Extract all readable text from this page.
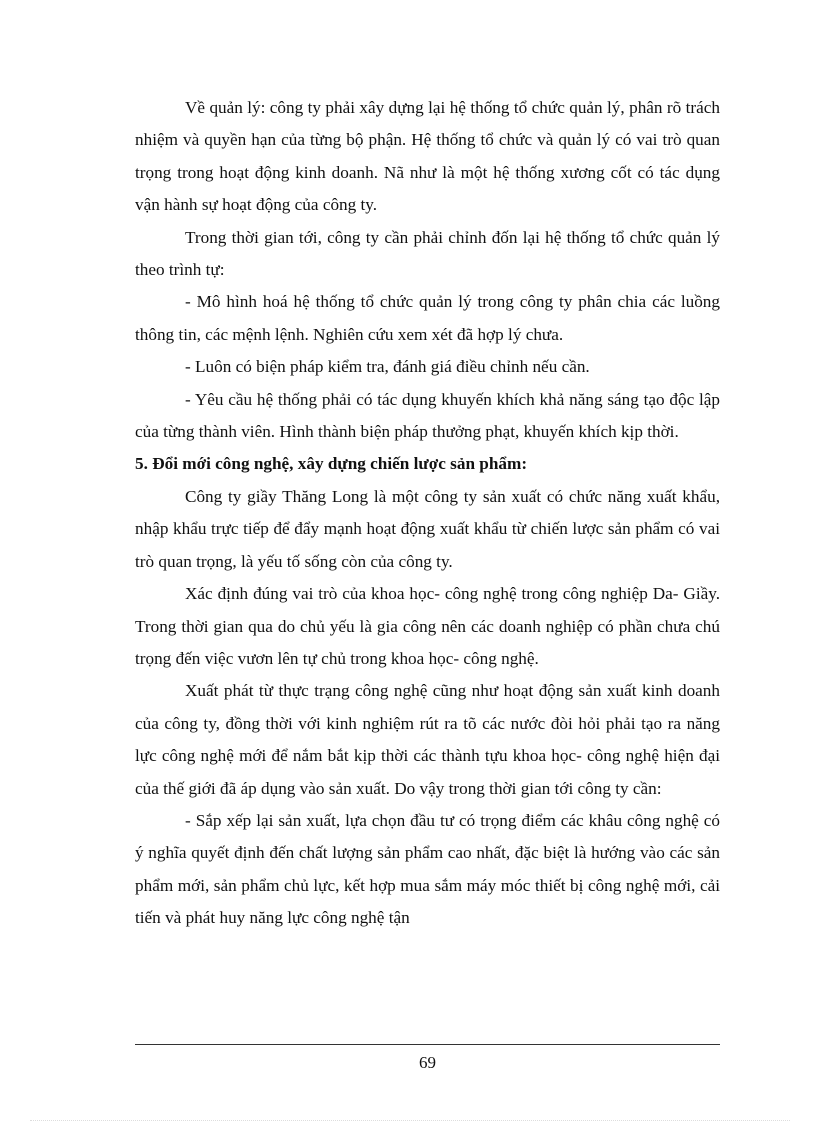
Về quản lý: công ty phải xây dựng lại hệ thống tổ chức quản lý, phân rõ trách nhiệm và quyền hạn của từng bộ phận. Hệ thống tổ chức và quản lý có vai trò quan trọng trong hoạt động kinh doanh. Nã như là một hệ thống xương cốt có tác dụng vận hành sự hoạt động của công ty.

Trong thời gian tới, công ty cần phải chỉnh đốn lại hệ thống tổ chức quản lý theo trình tự:

- Mô hình hoá hệ thống tổ chức quản lý trong công ty phân chia các luồng thông tin, các mệnh lệnh. Nghiên cứu xem xét đã hợp lý chưa.

- Luôn có biện pháp kiểm tra, đánh giá điều chỉnh nếu cần.

- Yêu cầu hệ thống phải có tác dụng khuyến khích khả năng sáng tạo độc lập của từng thành viên. Hình thành biện pháp thưởng phạt, khuyến khích kịp thời.

5. Đổi mới công nghệ, xây dựng chiến lược sản phẩm:

Công ty giầy Thăng Long là một công ty sản xuất có chức năng xuất khẩu, nhập khẩu trực tiếp để đẩy mạnh hoạt động xuất khẩu từ chiến lược sản phẩm có vai trò quan trọng, là yếu tố sống còn của công ty.

Xác định đúng vai trò của khoa học- công nghệ trong công nghiệp Da- Giầy. Trong thời gian qua do chủ yếu là gia công nên các doanh nghiệp có phần chưa chú trọng đến việc vươn lên tự chủ trong khoa học- công nghệ.

Xuất phát từ thực trạng công nghệ cũng như hoạt động sản xuất kinh doanh của công ty, đồng thời với kinh nghiệm rút ra tõ các nước đòi hỏi phải tạo ra năng lực công nghệ mới để nắm bắt kịp thời các thành tựu khoa học- công nghệ hiện đại của thế giới đã áp dụng vào sản xuất. Do vậy trong thời gian tới công ty cần:

- Sắp xếp lại sản xuất, lựa chọn đầu tư có trọng điểm các khâu công nghệ có ý nghĩa quyết định đến chất lượng sản phẩm cao nhất, đặc biệt là hướng vào các sản phẩm mới, sản phẩm chủ lực, kết hợp mua sắm máy móc thiết bị công nghệ mới, cải tiến và phát huy năng lực công nghệ tận

69
